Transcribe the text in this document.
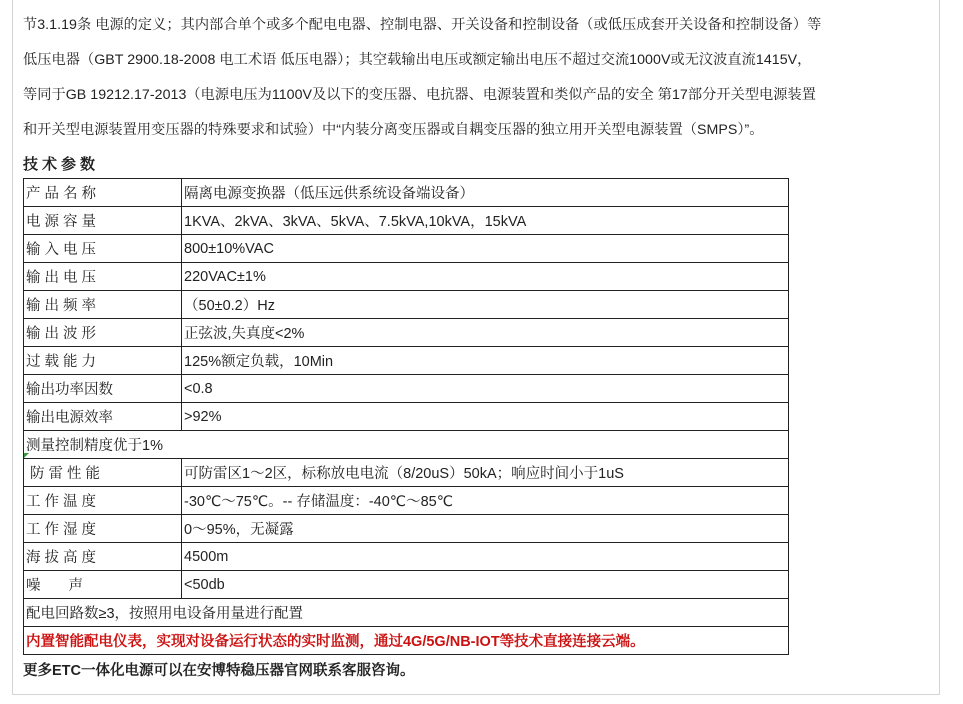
节3.1.19条 电源的定义；其内部合单个或多个配电电器、控制电器、开关设备和控制设备（或低压成套开关设备和控制设备）等

低压电器（GBT 2900.18-2008 电工术语 低压电器）；其空载输出电压或额定输出电压不超过交流1000V或无汶波直流1415V，

等同于GB 19212.17-2013（电源电压为1100V及以下的变压器、电抗器、电源装置和类似产品的安全 第17部分开关型电源装置

和开关型电源装置用变压器的特殊要求和试验）中“内装分离变压器或自耦变压器的独立用开关型电源装置（SMPS）”。

技术参数

产品名称	隔离电源变换器（低压远供系统设备端设备）
电源容量	1KVA、2kVA、3kVA、5kVA、7.5kVA,10kVA，15kVA
输入电压	800±10%VAC
输出电压	220VAC±1%
输出频率	（50±0.2）Hz
输出波形	正弦波,失真度<2%
过载能力	125%额定负载，10Min
输出功率因数	<0.8
输出电源效率	>92%
测量控制精度优于1%	
防雷性能	可防雷区1～2区，标称放电电流（8/20uS）50kA；响应时间小于1uS
工作温度	-30℃～75℃。-- 存储温度：-40℃～85℃
工作湿度	0～95%，无凝露
海拔高度	4500m
噪 声	<50db
配电回路数≥3，按照用电设备用量进行配置	
内置智能配电仪表，实现对设备运行状态的实时监测，通过4G/5G/NB-IOT等技术直接连接云端。	

更多ETC一体化电源可以在安博特稳压器官网联系客服咨询。
